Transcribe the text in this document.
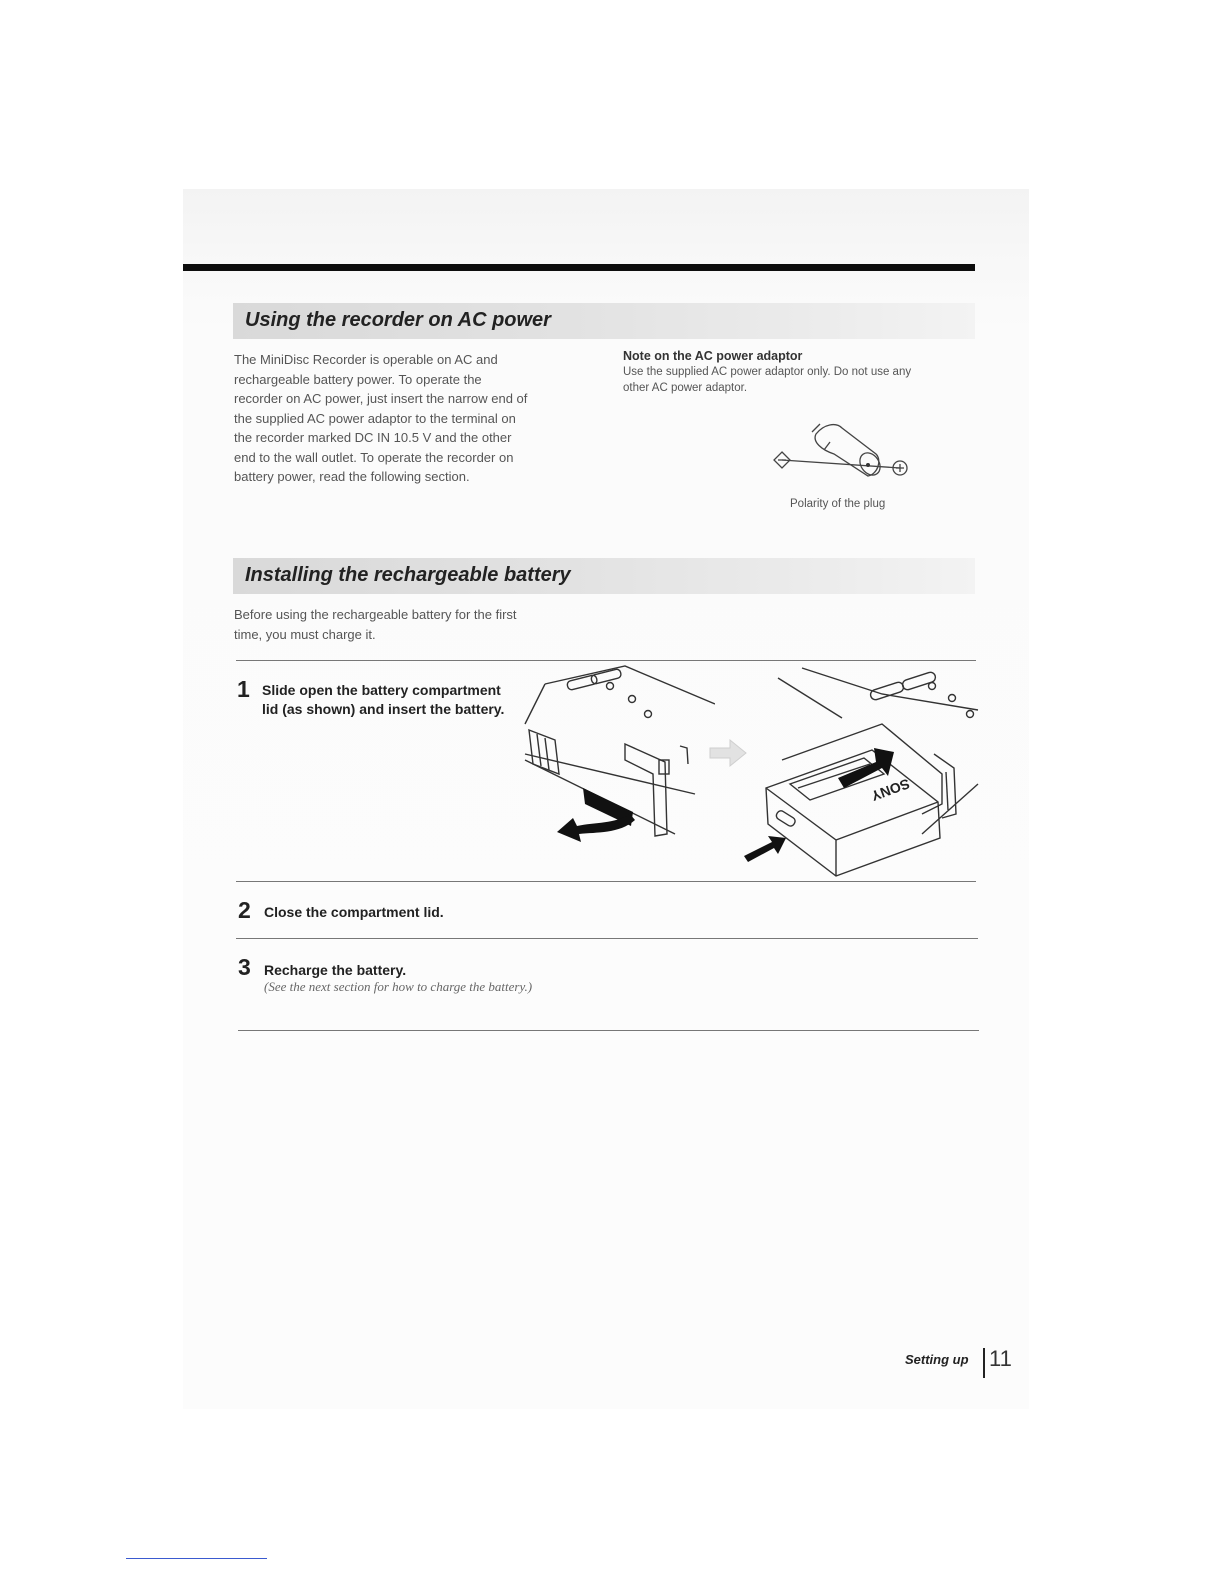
Using the recorder on AC power
The MiniDisc Recorder is operable on AC and
rechargeable battery power. To operate the
recorder on AC power, just insert the narrow end of
the supplied AC power adaptor to the terminal on
the recorder marked DC IN 10.5 V and the other
end to the wall outlet. To operate the recorder on
battery power, read the following section.
Note on the AC power adaptor
Use the supplied AC power adaptor only. Do not use any
other AC power adaptor.
Polarity of the plug
Installing the rechargeable battery
Before using the rechargeable battery for the first
time, you must charge it.
1 Slide open the battery compartment
lid (as shown) and insert the battery.
SONY
2 Close the compartment lid.
3 Recharge the battery.
(See the next section for how to charge the battery.)
Setting up 11
